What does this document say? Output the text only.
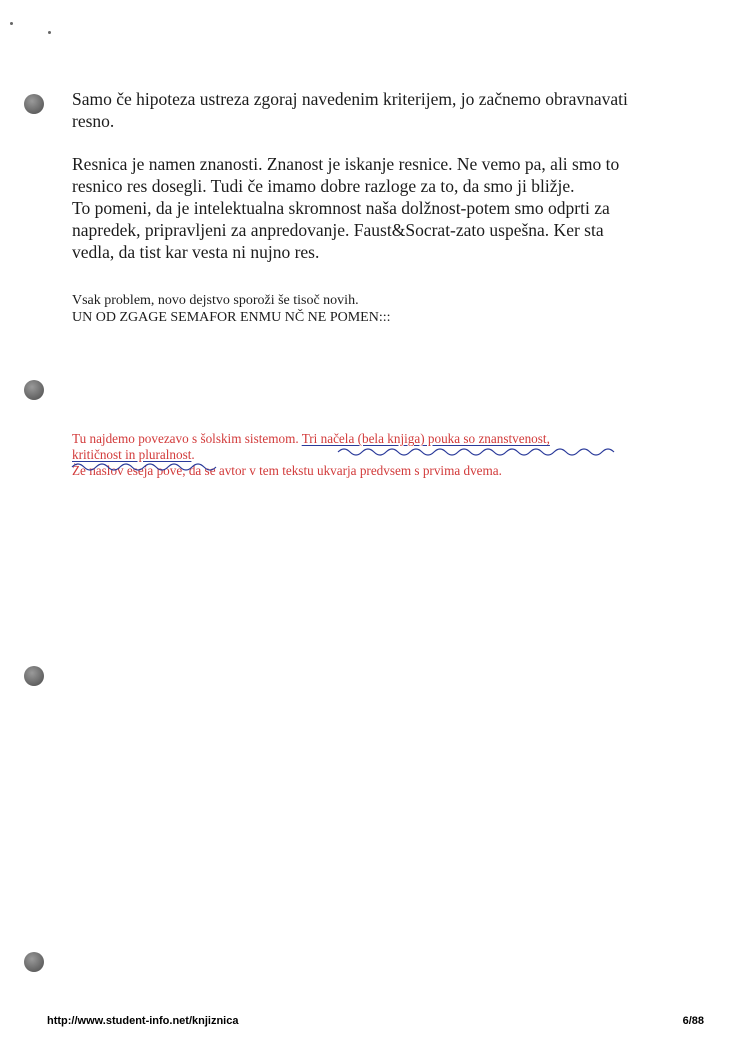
Samo če hipoteza ustreza zgoraj navedenim kriterijem, jo začnemo obravnavati
resno.

Resnica je namen znanosti. Znanost je iskanje resnice. Ne vemo pa, ali smo to
resnico res dosegli. Tudi če imamo dobre razloge za to, da smo ji bližje.
To pomeni, da je intelektualna skromnost naša dolžnost-potem smo odprti za
napredek, pripravljeni za anpredovanje. Faust&Socrat-zato uspešna. Ker sta
vedla, da tist kar vesta ni nujno res.

Vsak problem, novo dejstvo sporoži še tisoč novih.
UN OD ZGAGE SEMAFOR ENMU NČ NE POMEN:::

Tu najdemo povezavo s šolskim sistemom. Tri načela (bela knjiga) pouka so znanstvenost,
kritičnost in pluralnost.
Že naslov eseja pove, da se avtor v tem tekstu ukvarja predvsem s prvima dvema.

http://www.student-info.net/knjiznica	6/88
